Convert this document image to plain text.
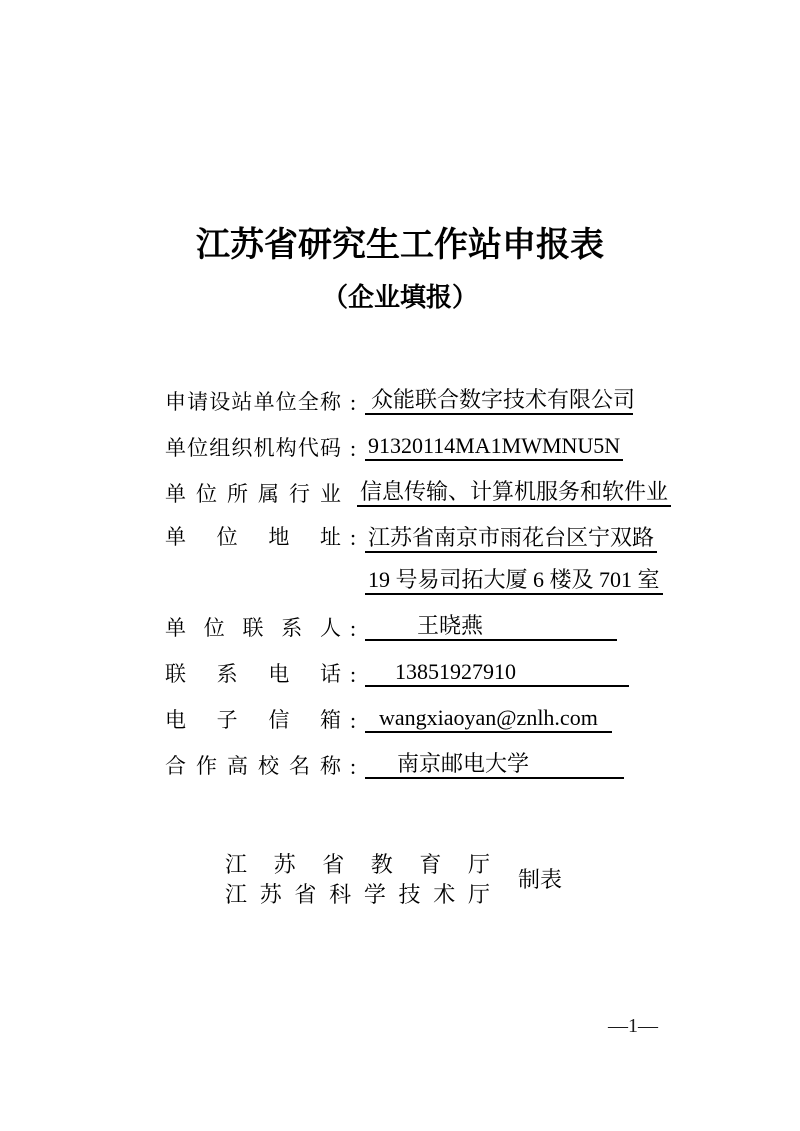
江苏省研究生工作站申报表
（企业填报）
申请设站单位全称 : 众能联合数字技术有限公司
单位组织机构代码 : 91320114MA1MWMNU5N
单位所属行业 信息传输、计算机服务和软件业
单位地址 : 江苏省南京市雨花台区宁双路
19 号易司拓大厦 6 楼及 701 室
单位联系人 :	王晓燕
联系电话 :	13851927910
电子信箱 :	wangxiaoyan@znlh.com
合作高校名称 :	南京邮电大学
江苏省教育厅
江苏省科学技术厅
制表
—1—
